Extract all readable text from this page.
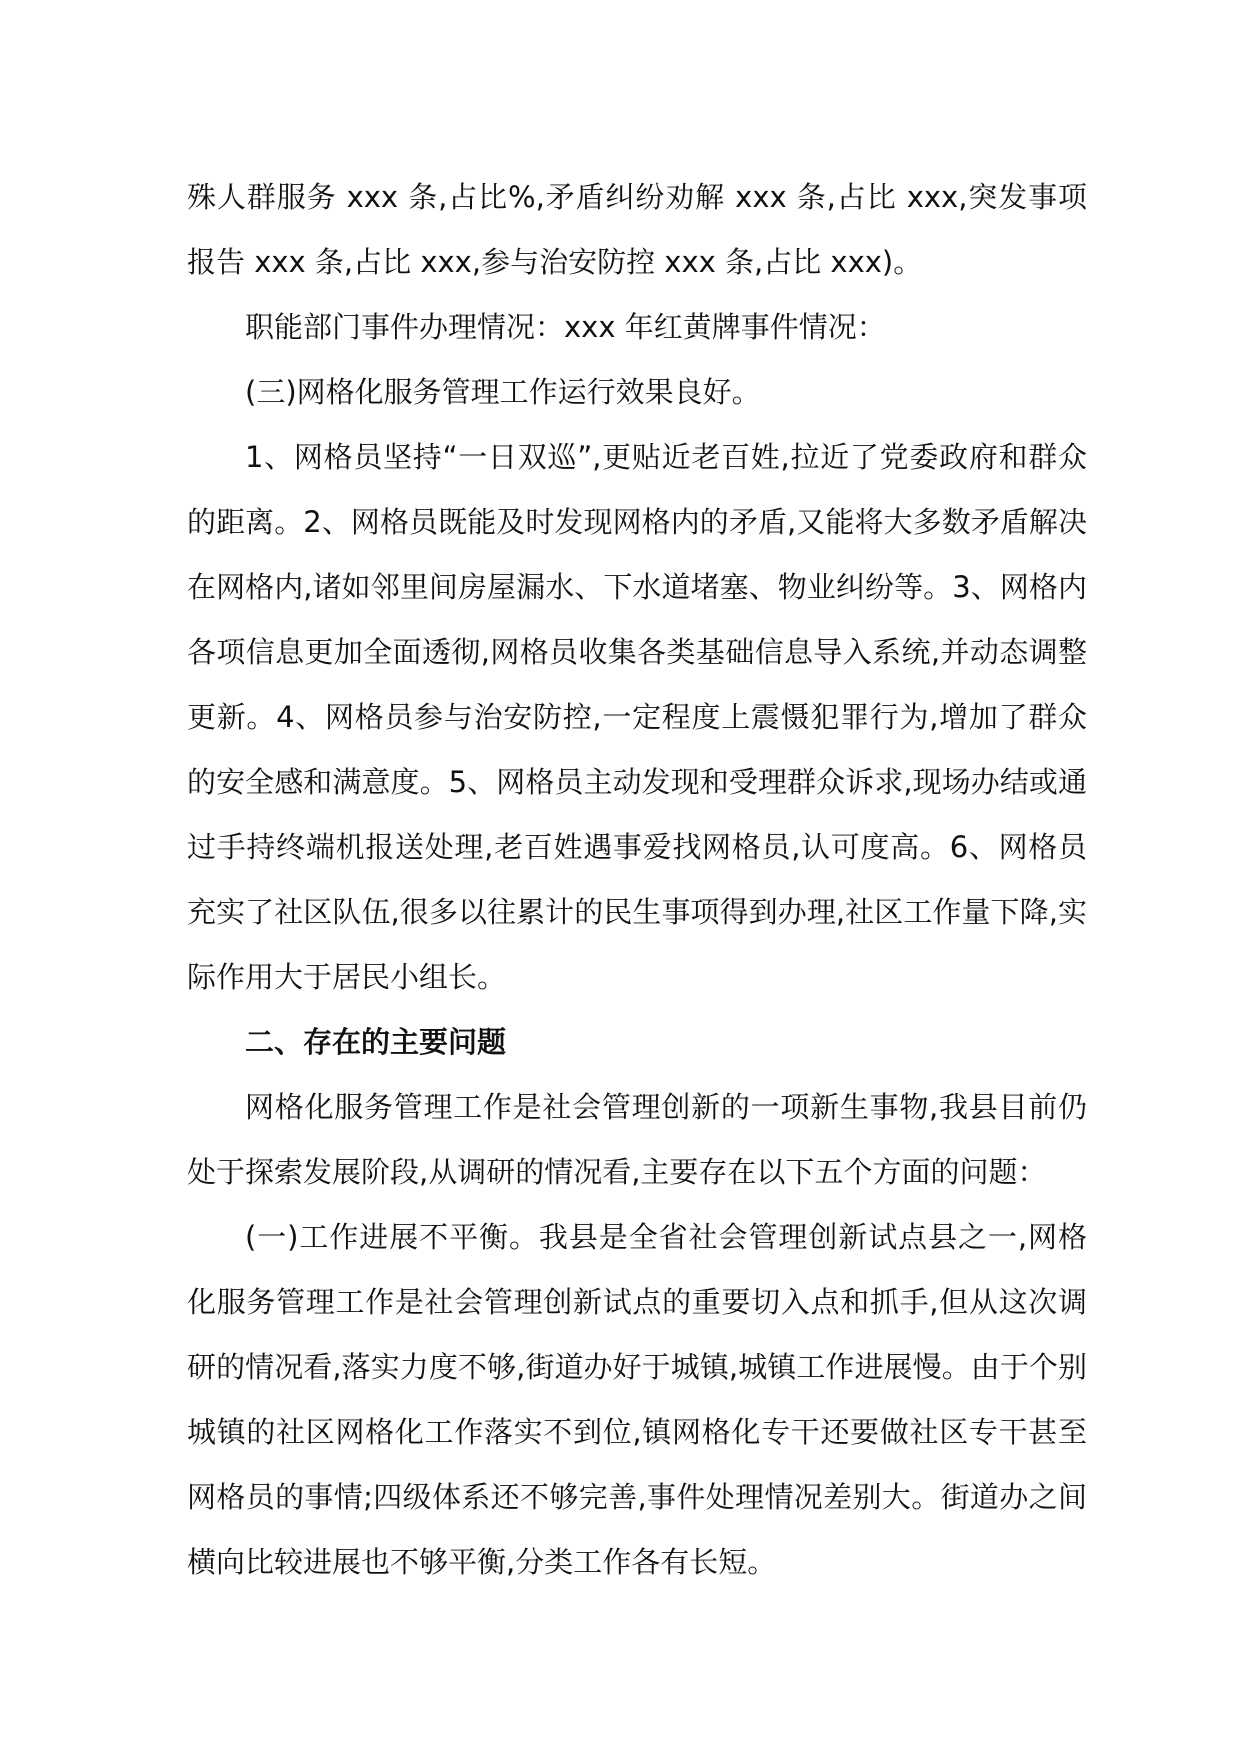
殊人群服务 xxx 条,占比%,矛盾纠纷劝解 xxx 条,占比 xxx,突发事项报告 xxx 条,占比 xxx,参与治安防控 xxx 条,占比 xxx)。

职能部门事件办理情况：xxx 年红黄牌事件情况：

(三)网格化服务管理工作运行效果良好。

1、网格员坚持“一日双巡”,更贴近老百姓,拉近了党委政府和群众的距离。2、网格员既能及时发现网格内的矛盾,又能将大多数矛盾解决在网格内,诸如邻里间房屋漏水、下水道堵塞、物业纠纷等。3、网格内各项信息更加全面透彻,网格员收集各类基础信息导入系统,并动态调整更新。4、网格员参与治安防控,一定程度上震慑犯罪行为,增加了群众的安全感和满意度。5、网格员主动发现和受理群众诉求,现场办结或通过手持终端机报送处理,老百姓遇事爱找网格员,认可度高。6、网格员充实了社区队伍,很多以往累计的民生事项得到办理,社区工作量下降,实际作用大于居民小组长。

二、存在的主要问题

网格化服务管理工作是社会管理创新的一项新生事物,我县目前仍处于探索发展阶段,从调研的情况看,主要存在以下五个方面的问题：

(一)工作进展不平衡。我县是全省社会管理创新试点县之一,网格化服务管理工作是社会管理创新试点的重要切入点和抓手,但从这次调研的情况看,落实力度不够,街道办好于城镇,城镇工作进展慢。由于个别城镇的社区网格化工作落实不到位,镇网格化专干还要做社区专干甚至网格员的事情;四级体系还不够完善,事件处理情况差别大。街道办之间横向比较进展也不够平衡,分类工作各有长短。
